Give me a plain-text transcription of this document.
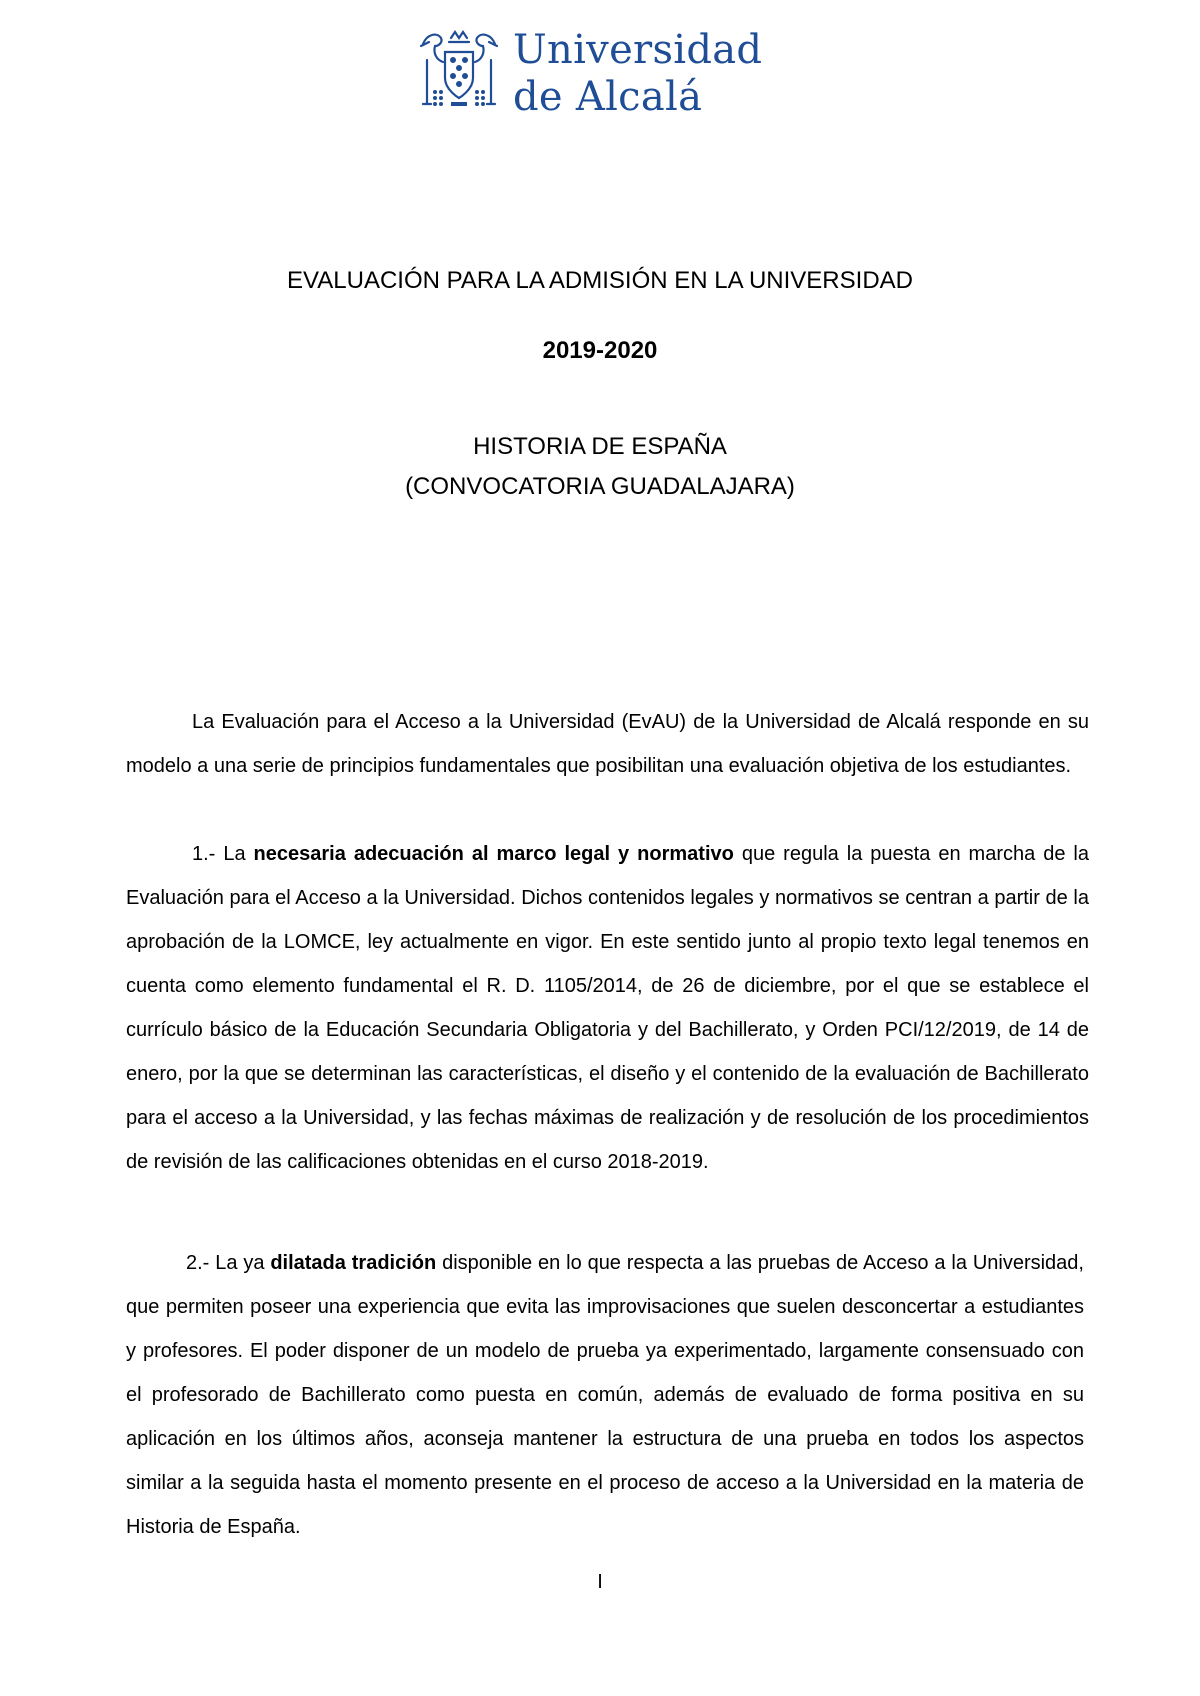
Universidad
de Alcalá
EVALUACIÓN PARA LA ADMISIÓN EN LA UNIVERSIDAD
2019-2020
HISTORIA DE ESPAÑA
(CONVOCATORIA GUADALAJARA)

La Evaluación para el Acceso a la Universidad (EvAU) de la Universidad de Alcalá responde en su modelo a una serie de principios fundamentales que posibilitan una evaluación objetiva de los estudiantes.

1.- La necesaria adecuación al marco legal y normativo que regula la puesta en marcha de la Evaluación para el Acceso a la Universidad. Dichos contenidos legales y normativos se centran a partir de la aprobación de la LOMCE, ley actualmente en vigor. En este sentido junto al propio texto legal tenemos en cuenta como elemento fundamental el R. D. 1105/2014, de 26 de diciembre, por el que se establece el currículo básico de la Educación Secundaria Obligatoria y del Bachillerato, y Orden PCI/12/2019, de 14 de enero, por la que se determinan las características, el diseño y el contenido de la evaluación de Bachillerato para el acceso a la Universidad, y las fechas máximas de realización y de resolución de los procedimientos de revisión de las calificaciones obtenidas en el curso 2018-2019.

2.- La ya dilatada tradición disponible en lo que respecta a las pruebas de Acceso a la Universidad, que permiten poseer una experiencia que evita las improvisaciones que suelen desconcertar a estudiantes y profesores. El poder disponer de un modelo de prueba ya experimentado, largamente consensuado con el profesorado de Bachillerato como puesta en común, además de evaluado de forma positiva en su aplicación en los últimos años, aconseja mantener la estructura de una prueba en todos los aspectos similar a la seguida hasta el momento presente en el proceso de acceso a la Universidad en la materia de Historia de España.

I
